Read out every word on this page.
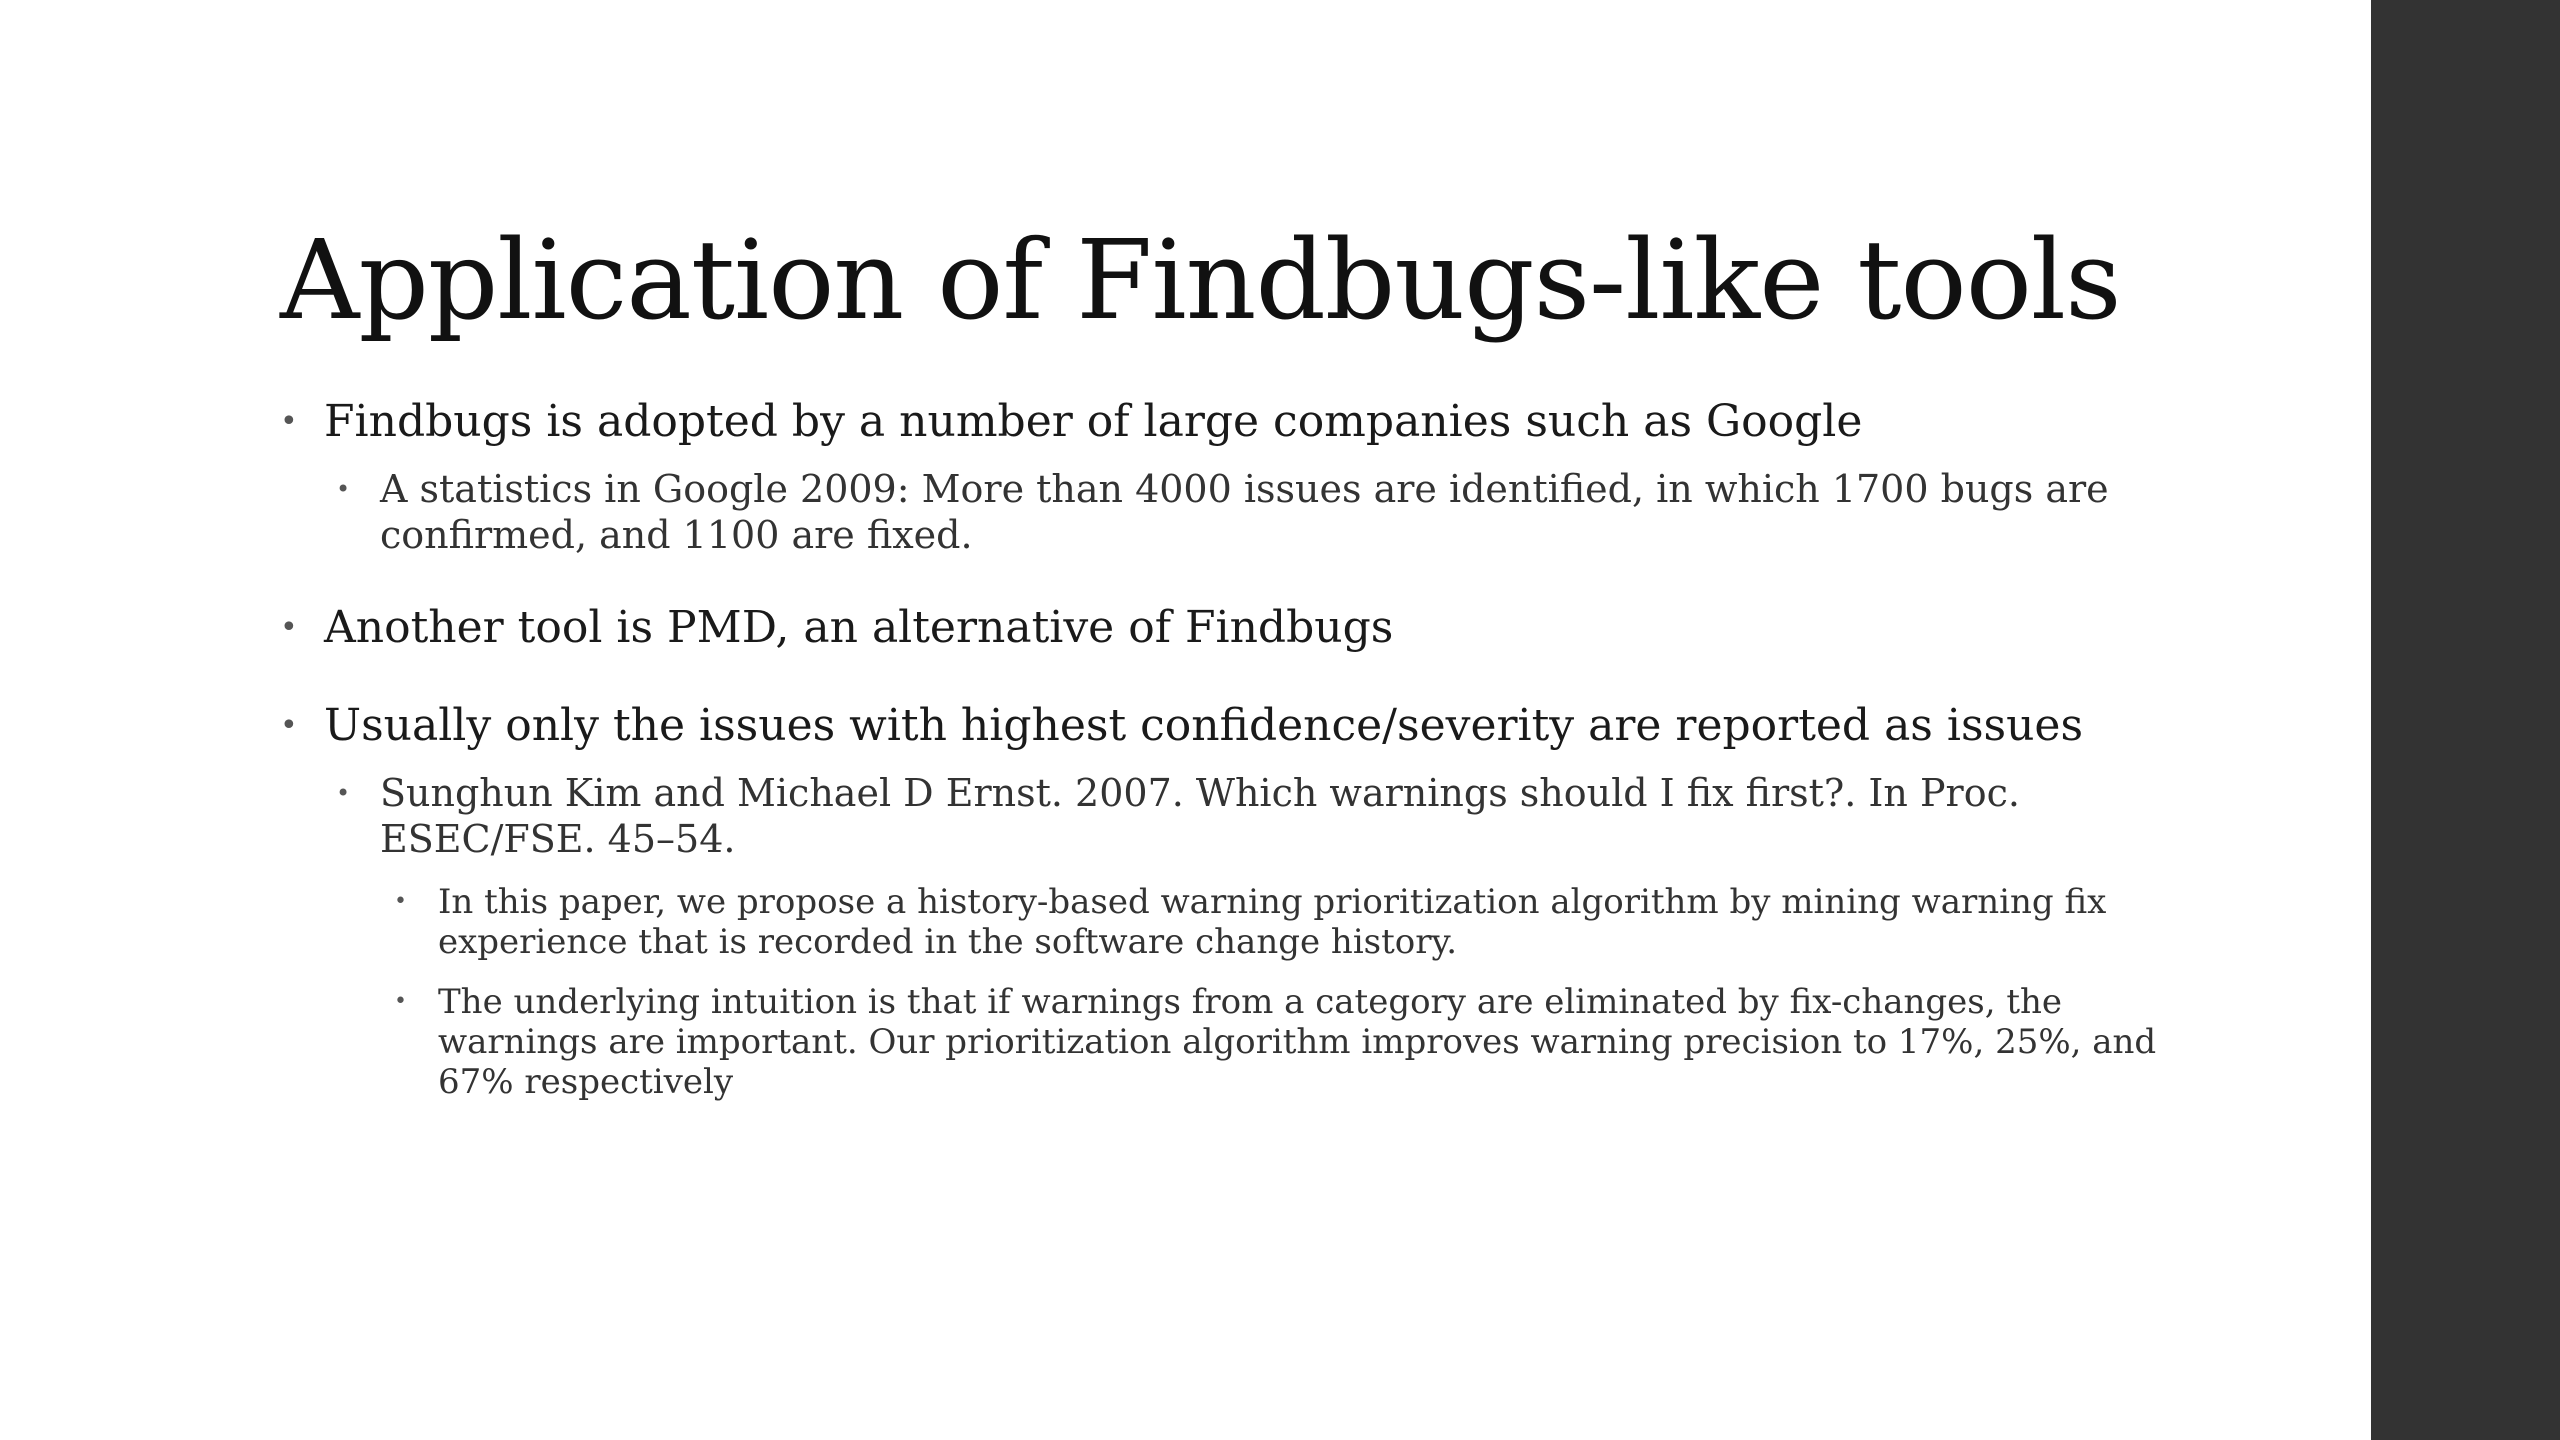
Application of Findbugs-like tools
• Findbugs is adopted by a number of large companies such as Google
• A statistics in Google 2009: More than 4000 issues are identified, in which 1700 bugs are confirmed, and 1100 are fixed.
• Another tool is PMD, an alternative of Findbugs
• Usually only the issues with highest confidence/severity are reported as issues
• Sunghun Kim and Michael D Ernst. 2007. Which warnings should I fix first?. In Proc. ESEC/FSE. 45–54.
• In this paper, we propose a history-based warning prioritization algorithm by mining warning fix experience that is recorded in the software change history.
• The underlying intuition is that if warnings from a category are eliminated by fix-changes, the warnings are important. Our prioritization algorithm improves warning precision to 17%, 25%, and 67% respectively
